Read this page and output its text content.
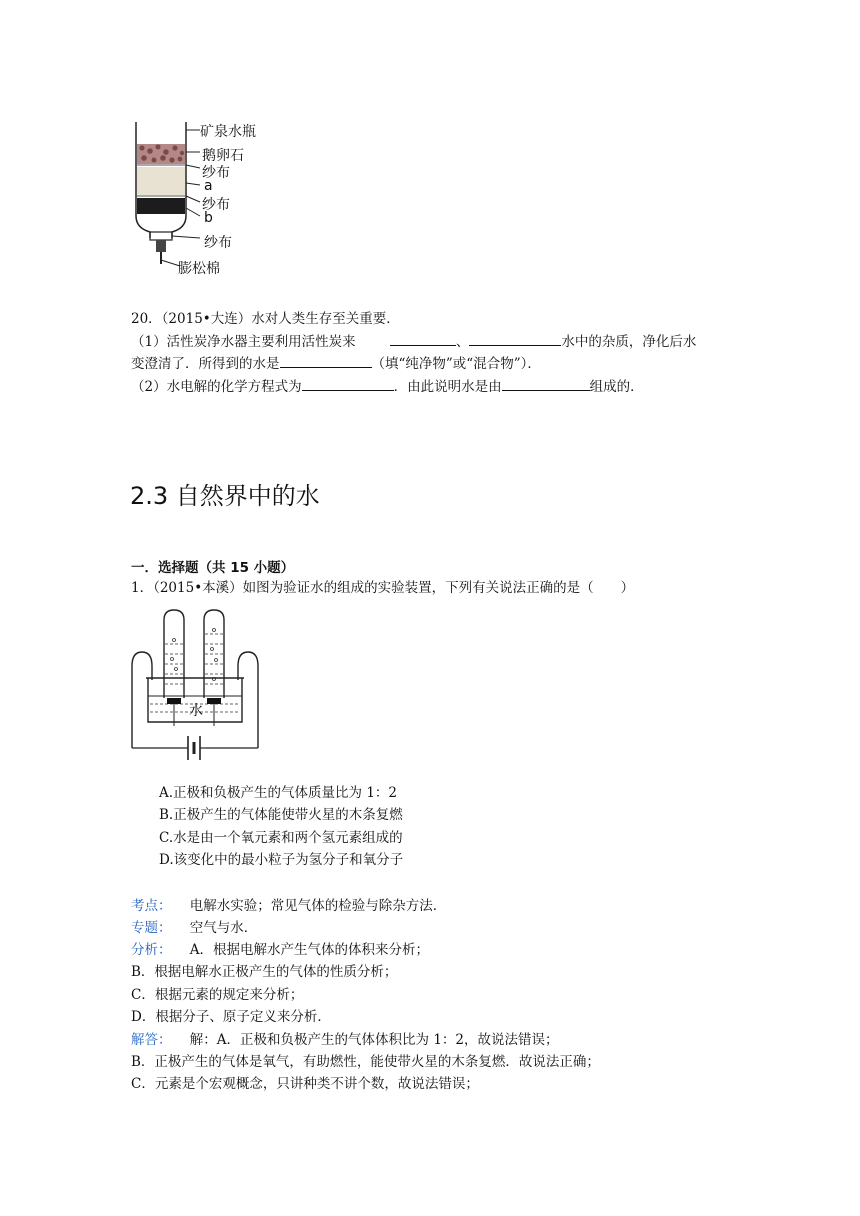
矿泉水瓶
鹅卵石
纱布
a
纱布
b
纱布
膨松棉
20．（2015•大连）水对人类生存至关重要．
（1）活性炭净水器主要利用活性炭来	、	水中的杂质，净化后水
变澄清了．所得到的水是	（填“纯净物”或“混合物”）．
（2）水电解的化学方程式为	．由此说明水是由	组成的．
2.3 自然界中的水
一．选择题（共 15 小题）
1．（2015•本溪）如图为验证水的组成的实验装置，下列有关说法正确的是（　　）
水
A.正极和负极产生的气体质量比为 1：2
B.正极产生的气体能使带火星的木条复燃
C.水是由一个氧元素和两个氢元素组成的
D.该变化中的最小粒子为氢分子和氧分子
考点： 电解水实验；常见气体的检验与除杂方法．
专题： 空气与水．
分析： A．根据电解水产生气体的体积来分析；
B．根据电解水正极产生的气体的性质分析；
C．根据元素的规定来分析；
D．根据分子、原子定义来分析．
解答： 解：A．正极和负极产生的气体体积比为 1：2，故说法错误；
B．正极产生的气体是氧气，有助燃性，能使带火星的木条复燃．故说法正确；
C．元素是个宏观概念，只讲种类不讲个数，故说法错误；
